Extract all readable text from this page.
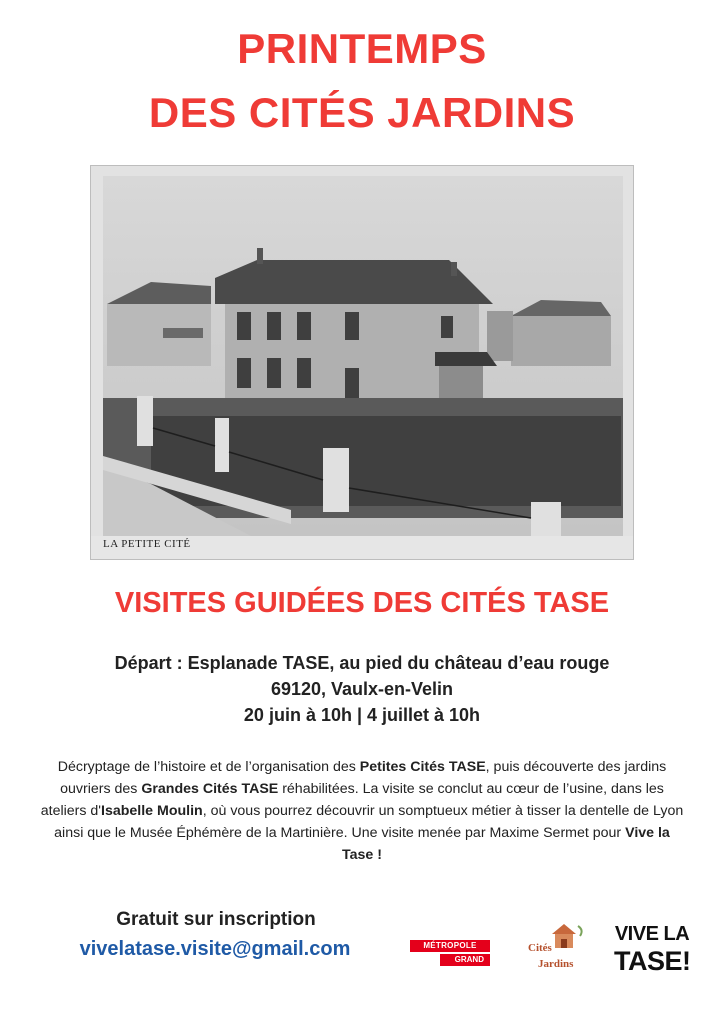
PRINTEMPS
DES CITÉS JARDINS
LA PETITE CITÉ
VISITES GUIDÉES DES CITÉS TASE
Départ : Esplanade TASE, au pied du château d’eau rouge
69120, Vaulx-en-Velin
20 juin à 10h | 4 juillet à 10h
Décryptage de l’histoire et de l’organisation des Petites Cités TASE, puis découverte des jardins ouvriers des Grandes Cités TASE réhabilitées. La visite se conclut au cœur de l’usine, dans les ateliers d'Isabelle Moulin, où vous pourrez découvrir un somptueux métier à tisser la dentelle de Lyon ainsi que le Musée Éphémère de la Martinière. Une visite menée par Maxime Sermet pour Vive la Tase !
Gratuit sur inscription
vivelatase.visite@gmail.com	MÉTROPOLE
GRAND LYON
Cités
Jardins
VIVE LA
TASE!
